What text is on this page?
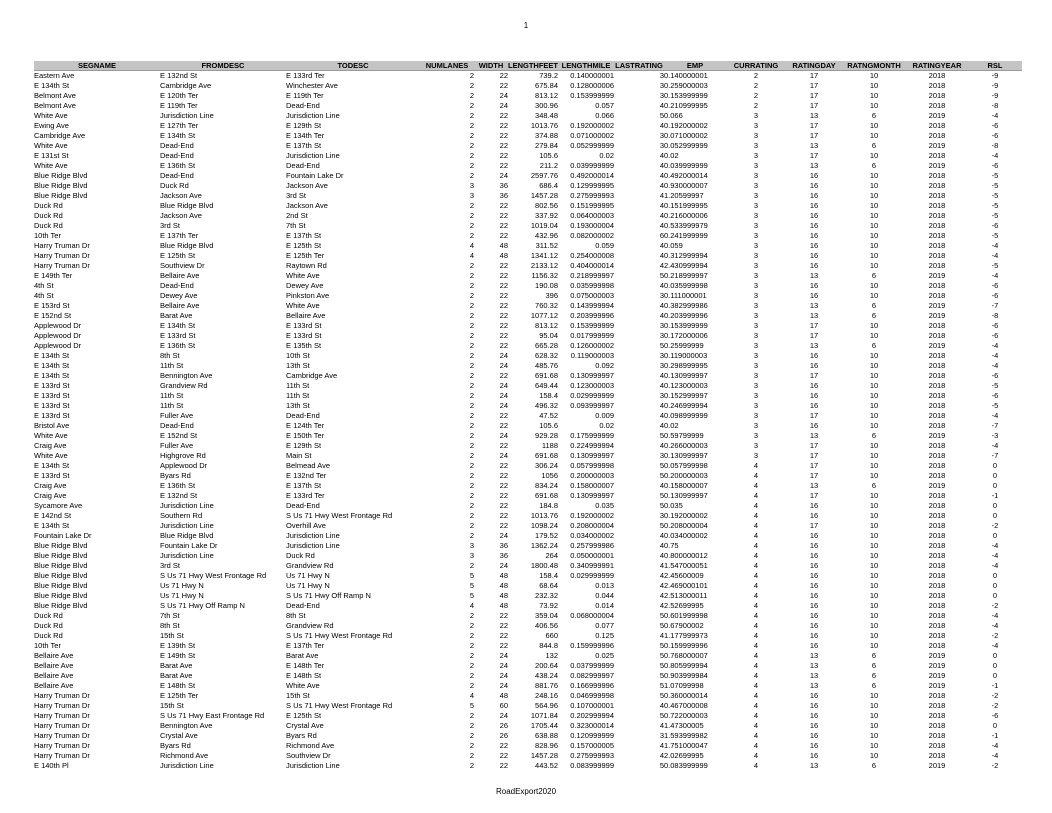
1
SEGNAME	FROMDESC	TODESC	NUMLANES	WIDTH	LENGTHFEET	LENGTHMILE	LASTRATING	EMP	CURRATING	RATINGDAY	RATNGMONTH	RATINGYEAR	RSL
Eastern Ave	E 132nd St	E 133rd Ter	2	22	739.2	0.140000001	3	0.140000001	2	17	10	2018	-9
E 134th St	Cambridge Ave	Winchester Ave	2	22	675.84	0.128000006	3	0.259000003	2	17	10	2018	-9
Belmont Ave	E 120th Ter	E 119th Ter	2	24	813.12	0.153999999	3	0.153999999	2	17	10	2018	-9
Belmont Ave	E 119th Ter	Dead-End	2	24	300.96	0.057	4	0.210999995	2	17	10	2018	-8
White Ave	Jurisdiction Line	Jurisdiction Line	2	22	348.48	0.066	5	0.066	3	13	6	2019	-4
Ewing Ave	E 127th Ter	E 129th St	2	22	1013.76	0.192000002	4	0.192000002	3	17	10	2018	-6
Cambridge Ave	E 134th St	E 134th Ter	2	22	374.88	0.071000002	3	0.071000002	3	17	10	2018	-6
White Ave	Dead-End	E 137th St	2	22	279.84	0.052999999	3	0.052999999	3	13	6	2019	-8
E 131st St	Dead-End	Jurisdiction Line	2	22	105.6	0.02	4	0.02	3	17	10	2018	-4
White Ave	E 136th St	Dead-End	2	22	211.2	0.039999999	4	0.039999999	3	13	6	2019	-6
Blue Ridge Blvd	Dead-End	Fountain Lake Dr	2	24	2597.76	0.492000014	4	0.492000014	3	16	10	2018	-5
Blue Ridge Blvd	Duck Rd	Jackson Ave	3	36	686.4	0.129999995	4	0.930000007	3	16	10	2018	-5
Blue Ridge Blvd	Jackson Ave	3rd St	3	36	1457.28	0.275999993	4	1.20599997	3	16	10	2018	-5
Duck Rd	Blue Ridge Blvd	Jackson Ave	2	22	802.56	0.151999995	4	0.151999995	3	16	10	2018	-5
Duck Rd	Jackson Ave	2nd St	2	22	337.92	0.064000003	4	0.216000006	3	16	10	2018	-5
Duck Rd	3rd St	7th St	2	22	1019.04	0.193000004	4	0.533999979	3	16	10	2018	-6
10th Ter	E 137th Ter	E 137th St	2	22	432.96	0.082000002	6	0.241999999	3	16	10	2018	-5
Harry Truman Dr	Blue Ridge Blvd	E 125th St	4	48	311.52	0.059	4	0.059	3	16	10	2018	-4
Harry Truman Dr	E 125th St	E 125th Ter	4	48	1341.12	0.254000008	4	0.312999994	3	16	10	2018	-4
Harry Truman Dr	Southview Dr	Raytown Rd	2	22	2133.12	0.404000014	4	2.430999994	3	16	10	2018	-5
E 149th Ter	Bellaire Ave	White Ave	2	22	1156.32	0.218999997	5	0.218999997	3	13	6	2019	-4
4th St	Dead-End	Dewey Ave	2	22	190.08	0.035999998	4	0.035999998	3	16	10	2018	-6
4th St	Dewey Ave	Pinkston Ave	2	22	396	0.075000003	3	0.111000001	3	16	10	2018	-6
E 153rd St	Bellaire Ave	White Ave	2	22	760.32	0.143999994	4	0.382999986	3	13	6	2019	-7
E 152nd St	Barat Ave	Bellaire Ave	2	22	1077.12	0.203999996	4	0.203999996	3	13	6	2019	-8
Applewood Dr	E 134th St	E 133rd St	2	22	813.12	0.153999999	3	0.153999999	3	17	10	2018	-6
Applewood Dr	E 133rd St	E 133rd St	2	22	95.04	0.017999999	3	0.172000006	3	17	10	2018	-6
Applewood Dr	E 136th St	E 135th St	2	22	665.28	0.126000002	5	0.25999999	3	13	6	2019	-4
E 134th St	8th St	10th St	2	24	628.32	0.119000003	3	0.119000003	3	16	10	2018	-4
E 134th St	11th St	13th St	2	24	485.76	0.092	3	0.298999995	3	16	10	2018	-4
E 134th St	Bennington Ave	Cambridge Ave	2	22	691.68	0.130999997	4	0.130999997	3	17	10	2018	-6
E 133rd St	Grandview Rd	11th St	2	24	649.44	0.123000003	4	0.123000003	3	16	10	2018	-5
E 133rd St	11th St	11th St	2	24	158.4	0.029999999	3	0.152999997	3	16	10	2018	-6
E 133rd St	11th St	13th St	2	24	496.32	0.093999997	4	0.246999994	3	16	10	2018	-5
E 133rd St	Fuller Ave	Dead-End	2	22	47.52	0.009	4	0.098999999	3	17	10	2018	-4
Bristol Ave	Dead-End	E 124th Ter	2	22	105.6	0.02	4	0.02	3	16	10	2018	-7
White Ave	E 152nd St	E 150th Ter	2	24	929.28	0.175999999	5	0.59799999	3	13	6	2019	-3
Craig Ave	Fuller Ave	E 129th St	2	22	1188	0.224999994	4	0.266000003	3	17	10	2018	-4
White Ave	Highgrove Rd	Main St	2	24	691.68	0.130999997	3	0.130999997	3	17	10	2018	-7
E 134th St	Applewood Dr	Belmead Ave	2	22	306.24	0.057999998	5	0.057999998	4	17	10	2018	0
E 133rd St	Byars Rd	E 132nd Ter	2	22	1056	0.200000003	5	0.200000003	4	17	10	2018	0
Craig Ave	E 136th St	E 137th St	2	22	834.24	0.158000007	4	0.158000007	4	13	6	2019	0
Craig Ave	E 132nd St	E 133rd Ter	2	22	691.68	0.130999997	5	0.130999997	4	17	10	2018	-1
Sycamore Ave	Jurisdiction Line	Dead-End	2	22	184.8	0.035	5	0.035	4	16	10	2018	0
E 142nd St	Southern Rd	S Us 71 Hwy West Frontage Rd	2	22	1013.76	0.192000002	3	0.192000002	4	16	10	2018	0
E 134th St	Jurisdiction Line	Overhill Ave	2	22	1098.24	0.208000004	5	0.208000004	4	17	10	2018	-2
Fountain Lake Dr	Blue Ridge Blvd	Jurisdiction Line	2	24	179.52	0.034000002	4	0.034000002	4	16	10	2018	0
Blue Ridge Blvd	Fountain Lake Dr	Jurisdiction Line	3	36	1362.24	0.257999986	4	0.75	4	16	10	2018	-4
Blue Ridge Blvd	Jurisdiction Line	Duck Rd	3	36	264	0.050000001	4	0.800000012	4	16	10	2018	-4
Blue Ridge Blvd	3rd St	Grandview Rd	2	24	1800.48	0.340999991	4	1.547000051	4	16	10	2018	-4
Blue Ridge Blvd	S Us 71 Hwy West Frontage Rd	Us 71 Hwy N	5	48	158.4	0.029999999	4	2.45600009	4	16	10	2018	0
Blue Ridge Blvd	Us 71 Hwy N	Us 71 Hwy N	5	48	68.64	0.013	4	2.469000101	4	16	10	2018	0
Blue Ridge Blvd	Us 71 Hwy N	S Us 71 Hwy Off Ramp N	5	48	232.32	0.044	4	2.513000011	4	16	10	2018	0
Blue Ridge Blvd	S Us 71 Hwy Off Ramp N	Dead-End	4	48	73.92	0.014	4	2.52699995	4	16	10	2018	-2
Duck Rd	7th St	8th St	2	22	359.04	0.068000004	5	0.601999998	4	16	10	2018	-4
Duck Rd	8th St	Grandview Rd	2	22	406.56	0.077	5	0.67900002	4	16	10	2018	-4
Duck Rd	15th St	S Us 71 Hwy West Frontage Rd	2	22	660	0.125	4	1.177999973	4	16	10	2018	-2
10th Ter	E 139th St	E 137th Ter	2	22	844.8	0.159999996	5	0.159999996	4	16	10	2018	-4
Bellaire Ave	E 149th St	Barat Ave	2	24	132	0.025	5	0.768000007	4	13	6	2019	0
Bellaire Ave	Barat Ave	E 148th Ter	2	24	200.64	0.037999999	5	0.805999994	4	13	6	2019	0
Bellaire Ave	Barat Ave	E 148th St	2	24	438.24	0.082999997	5	0.903999984	4	13	6	2019	0
Bellaire Ave	E 148th St	White Ave	2	24	881.76	0.166999996	5	1.07099998	4	13	6	2019	-1
Harry Truman Dr	E 125th Ter	15th St	4	48	248.16	0.046999998	5	0.360000014	4	16	10	2018	-2
Harry Truman Dr	15th St	S Us 71 Hwy West Frontage Rd	5	60	564.96	0.107000001	4	0.467000008	4	16	10	2018	-2
Harry Truman Dr	S Us 71 Hwy East Frontage Rd	E 125th St	2	24	1071.84	0.202999994	5	0.722000003	4	16	10	2018	-6
Harry Truman Dr	Bennington Ave	Crystal Ave	2	26	1705.44	0.323000014	4	1.47300005	4	16	10	2018	0
Harry Truman Dr	Crystal Ave	Byars Rd	2	26	638.88	0.120999999	3	1.593999982	4	16	10	2018	-1
Harry Truman Dr	Byars Rd	Richmond Ave	2	22	828.96	0.157000005	4	1.751000047	4	16	10	2018	-4
Harry Truman Dr	Richmond Ave	Southview Dr	2	22	1457.28	0.275999993	4	2.02699995	4	16	10	2018	-4
E 140th Pl	Jurisdiction Line	Jurisdiction Line	2	22	443.52	0.083999999	5	0.083999999	4	13	6	2019	-2
RoadExport2020
